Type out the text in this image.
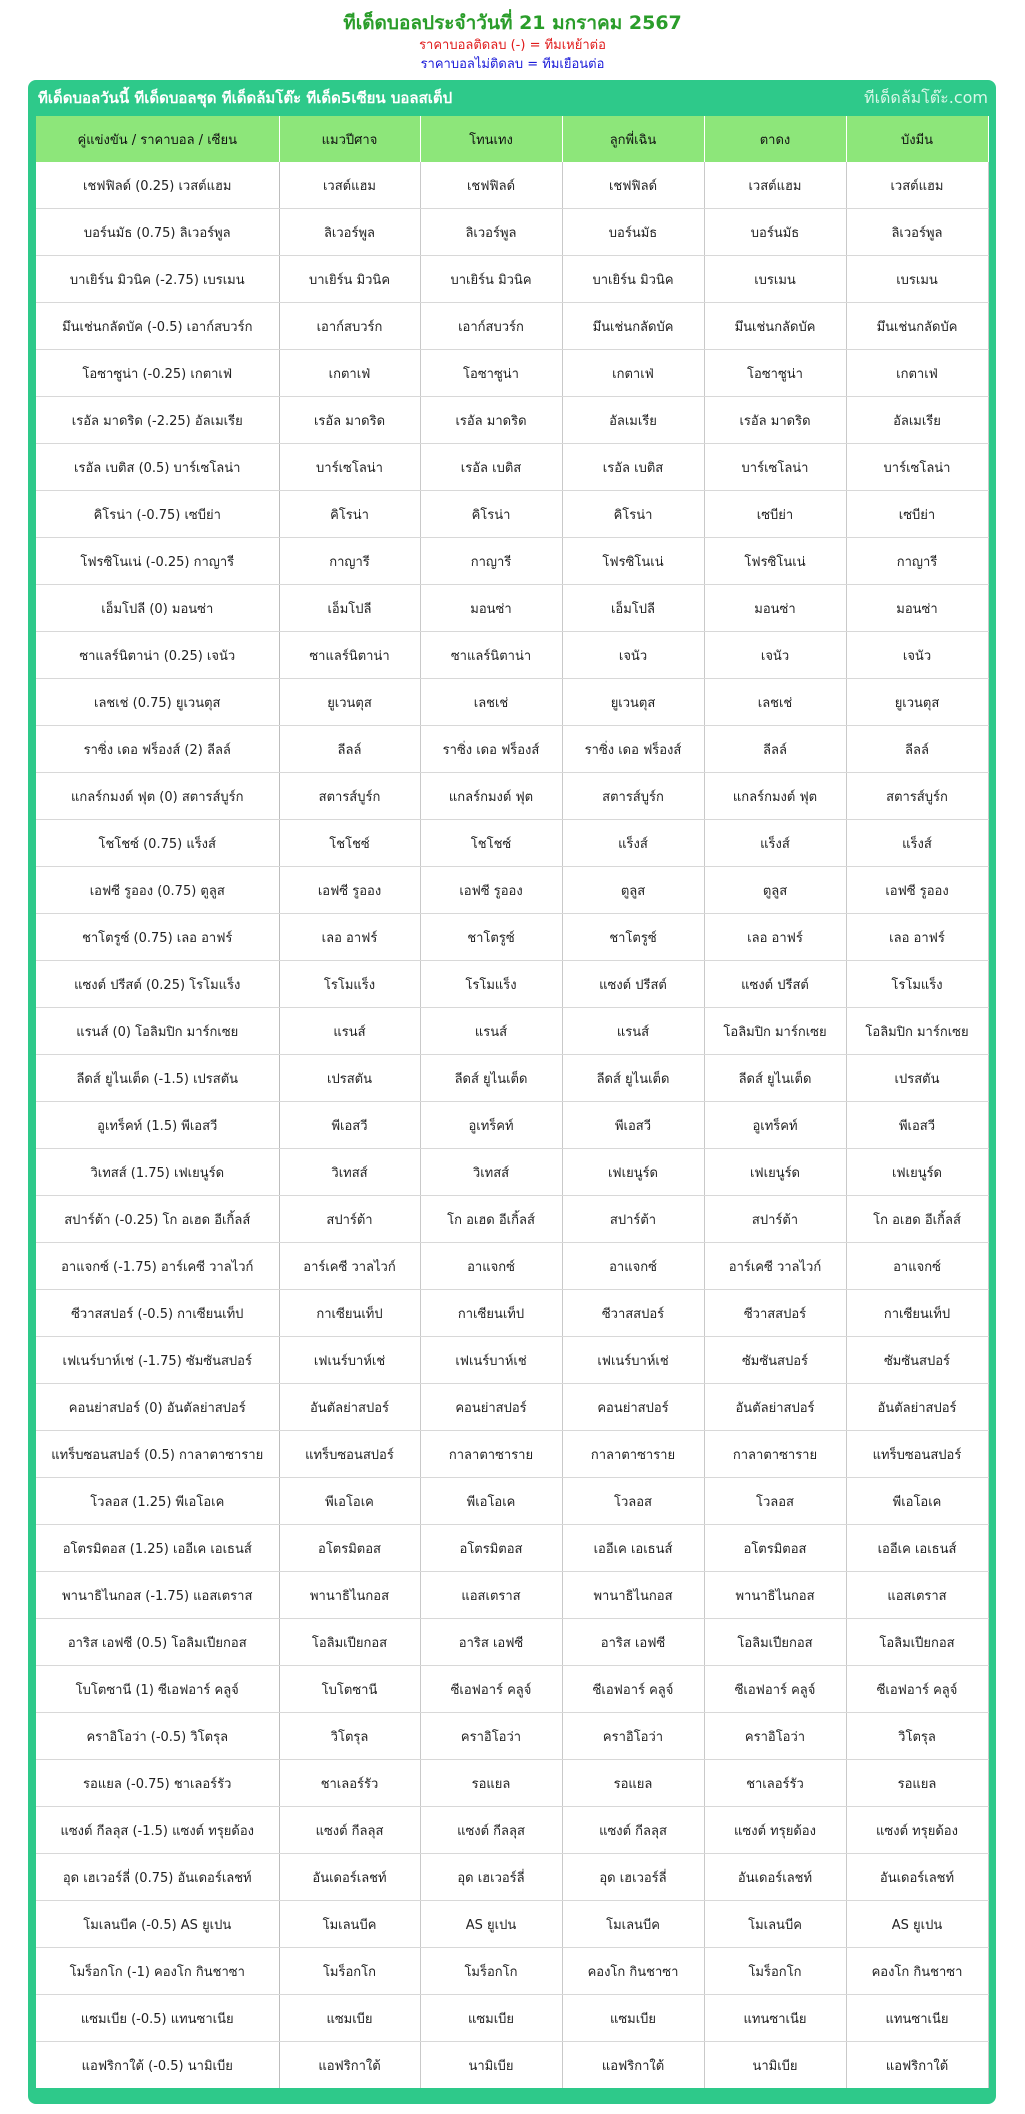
ทีเด็ดบอลประจำวันที่ 21 มกราคม 2567
ราคาบอลติดลบ (-) = ทีมเหย้าต่อ
ราคาบอลไม่ติดลบ = ทีมเยือนต่อ
ทีเด็ดบอลวันนี้ ทีเด็ดบอลชุด ทีเด็ดล้มโต๊ะ ทีเด็ด5เซียน บอลสเต็ป	ทีเด็ดล้มโต๊ะ.com
คู่แข่งขัน / ราคาบอล / เซียน	แมวปีศาจ	โทนเทง	ลูกพี่เฉิน	ตาดง	บังมีน
เชฟฟิลด์ (0.25) เวสต์แฮม	เวสต์แฮม	เชฟฟิลด์	เชฟฟิลด์	เวสต์แฮม	เวสต์แฮม
บอร์นมัธ (0.75) ลิเวอร์พูล	ลิเวอร์พูล	ลิเวอร์พูล	บอร์นมัธ	บอร์นมัธ	ลิเวอร์พูล
บาเยิร์น มิวนิค (-2.75) เบรเมน	บาเยิร์น มิวนิค	บาเยิร์น มิวนิค	บาเยิร์น มิวนิค	เบรเมน	เบรเมน
มึนเช่นกลัดบัค (-0.5) เอาก์สบวร์ก	เอาก์สบวร์ก	เอาก์สบวร์ก	มึนเช่นกลัดบัค	มึนเช่นกลัดบัค	มึนเช่นกลัดบัค
โอซาซูน่า (-0.25) เกตาเฟ่	เกตาเฟ่	โอซาซูน่า	เกตาเฟ่	โอซาซูน่า	เกตาเฟ่
เรอัล มาดริด (-2.25) อัลเมเรีย	เรอัล มาดริด	เรอัล มาดริด	อัลเมเรีย	เรอัล มาดริด	อัลเมเรีย
เรอัล เบติส (0.5) บาร์เซโลน่า	บาร์เซโลน่า	เรอัล เบติส	เรอัล เบติส	บาร์เซโลน่า	บาร์เซโลน่า
คิโรน่า (-0.75) เซบีย่า	คิโรน่า	คิโรน่า	คิโรน่า	เซบีย่า	เซบีย่า
โฟรซิโนเน่ (-0.25) กาญารี	กาญารี	กาญารี	โฟรซิโนเน่	โฟรซิโนเน่	กาญารี
เอ็มโปลี (0) มอนซ่า	เอ็มโปลี	มอนซ่า	เอ็มโปลี	มอนซ่า	มอนซ่า
ซาแลร์นิตาน่า (0.25) เจนัว	ซาแลร์นิตาน่า	ซาแลร์นิตาน่า	เจนัว	เจนัว	เจนัว
เลชเช่ (0.75) ยูเวนตุส	ยูเวนตุส	เลชเช่	ยูเวนตุส	เลชเช่	ยูเวนตุส
ราซิ่ง เดอ ฟร็องส์ (2) ลีลล์	ลีลล์	ราซิ่ง เดอ ฟร็องส์	ราซิ่ง เดอ ฟร็องส์	ลีลล์	ลีลล์
แกลร์กมงต์ ฟุต (0) สตารส์บูร์ก	สตารส์บูร์ก	แกลร์กมงต์ ฟุต	สตารส์บูร์ก	แกลร์กมงต์ ฟุต	สตารส์บูร์ก
โชโชซ์ (0.75) แร็งส์	โชโชซ์	โชโชซ์	แร็งส์	แร็งส์	แร็งส์
เอฟซี รูออง (0.75) ตูลูส	เอฟซี รูออง	เอฟซี รูออง	ตูลูส	ตูลูส	เอฟซี รูออง
ชาโตรูซ์ (0.75) เลอ อาฟร์	เลอ อาฟร์	ชาโตรูซ์	ชาโตรูซ์	เลอ อาฟร์	เลอ อาฟร์
แซงต์ ปรีสต์ (0.25) โรโมแร็ง	โรโมแร็ง	โรโมแร็ง	แซงต์ ปรีสต์	แซงต์ ปรีสต์	โรโมแร็ง
แรนส์ (0) โอลิมปิก มาร์กเซย	แรนส์	แรนส์	แรนส์	โอลิมปิก มาร์กเซย	โอลิมปิก มาร์กเซย
ลีดส์ ยูไนเต็ด (-1.5) เปรสตัน	เปรสตัน	ลีดส์ ยูไนเต็ด	ลีดส์ ยูไนเต็ด	ลีดส์ ยูไนเต็ด	เปรสตัน
อูเทร็คท์ (1.5) พีเอสวี	พีเอสวี	อูเทร็คท์	พีเอสวี	อูเทร็คท์	พีเอสวี
วิเทสส์ (1.75) เฟเยนูร์ด	วิเทสส์	วิเทสส์	เฟเยนูร์ด	เฟเยนูร์ด	เฟเยนูร์ด
สปาร์ต้า (-0.25) โก อเฮด อีเกิ้ลส์	สปาร์ต้า	โก อเฮด อีเกิ้ลส์	สปาร์ต้า	สปาร์ต้า	โก อเฮด อีเกิ้ลส์
อาแจกซ์ (-1.75) อาร์เคซี วาลไวก์	อาร์เคซี วาลไวก์	อาแจกซ์	อาแจกซ์	อาร์เคซี วาลไวก์	อาแจกซ์
ซีวาสสปอร์ (-0.5) กาเซียนเท็ป	กาเซียนเท็ป	กาเซียนเท็ป	ซีวาสสปอร์	ซีวาสสปอร์	กาเซียนเท็ป
เฟเนร์บาห์เช่ (-1.75) ซัมซันสปอร์	เฟเนร์บาห์เช่	เฟเนร์บาห์เช่	เฟเนร์บาห์เช่	ซัมซันสปอร์	ซัมซันสปอร์
คอนย่าสปอร์ (0) อันตัลย่าสปอร์	อันตัลย่าสปอร์	คอนย่าสปอร์	คอนย่าสปอร์	อันตัลย่าสปอร์	อันตัลย่าสปอร์
แทร็บซอนสปอร์ (0.5) กาลาตาซาราย	แทร็บซอนสปอร์	กาลาตาซาราย	กาลาตาซาราย	กาลาตาซาราย	แทร็บซอนสปอร์
โวลอส (1.25) พีเอโอเค	พีเอโอเค	พีเอโอเค	โวลอส	โวลอส	พีเอโอเค
อโตรมิตอส (1.25) เออีเค เอเธนส์	อโตรมิตอส	อโตรมิตอส	เออีเค เอเธนส์	อโตรมิตอส	เออีเค เอเธนส์
พานาธิไนกอส (-1.75) แอสเตราส	พานาธิไนกอส	แอสเตราส	พานาธิไนกอส	พานาธิไนกอส	แอสเตราส
อาริส เอฟซี (0.5) โอลิมเปียกอส	โอลิมเปียกอส	อาริส เอฟซี	อาริส เอฟซี	โอลิมเปียกอส	โอลิมเปียกอส
โบโตซานี (1) ซีเอฟอาร์ คลูจ์	โบโตซานี	ซีเอฟอาร์ คลูจ์	ซีเอฟอาร์ คลูจ์	ซีเอฟอาร์ คลูจ์	ซีเอฟอาร์ คลูจ์
คราอิโอว่า (-0.5) วิโตรุล	วิโตรุล	คราอิโอว่า	คราอิโอว่า	คราอิโอว่า	วิโตรุล
รอแยล (-0.75) ชาเลอร์รัว	ชาเลอร์รัว	รอแยล	รอแยล	ชาเลอร์รัว	รอแยล
แซงต์ กีลลุส (-1.5) แซงต์ ทรุยด้อง	แซงต์ กีลลุส	แซงต์ กีลลุส	แซงต์ กีลลุส	แซงต์ ทรุยด้อง	แซงต์ ทรุยด้อง
อุด เฮเวอร์ลี่ (0.75) อันเดอร์เลชท์	อันเดอร์เลชท์	อุด เฮเวอร์ลี่	อุด เฮเวอร์ลี่	อันเดอร์เลชท์	อันเดอร์เลชท์
โมเลนบีค (-0.5) AS ยูเปน	โมเลนบีค	AS ยูเปน	โมเลนบีค	โมเลนบีค	AS ยูเปน
โมร็อกโก (-1) คองโก กินชาซา	โมร็อกโก	โมร็อกโก	คองโก กินชาซา	โมร็อกโก	คองโก กินชาซา
แซมเบีย (-0.5) แทนซาเนีย	แซมเบีย	แซมเบีย	แซมเบีย	แทนซาเนีย	แทนซาเนีย
แอฟริกาใต้ (-0.5) นามิเบีย	แอฟริกาใต้	นามิเบีย	แอฟริกาใต้	นามิเบีย	แอฟริกาใต้
